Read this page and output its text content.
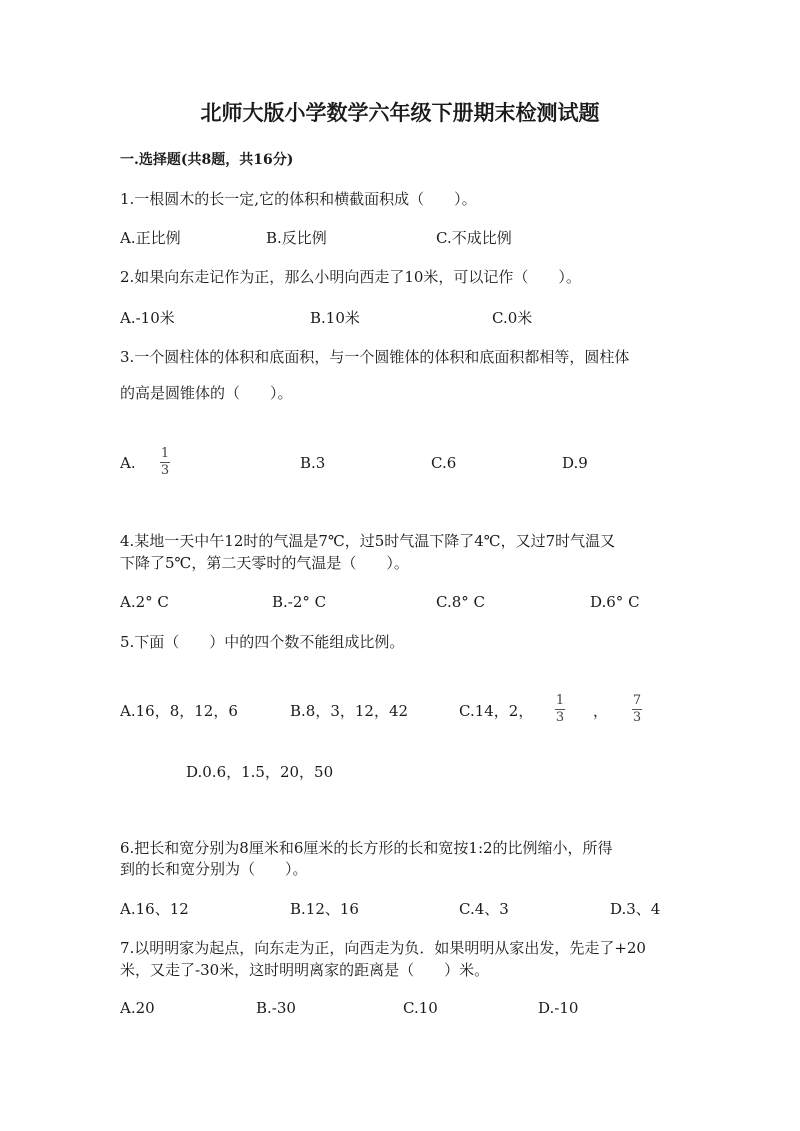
北师大版小学数学六年级下册期末检测试题
一.选择题(共8题，共16分)
1.一根圆木的长一定,它的体积和横截面积成（　　）。
A.正比例	B.反比例	C.不成比例
2.如果向东走记作为正，那么小明向西走了10米，可以记作（　　）。
A.-10米	B.10米	C.0米
3.一个圆柱体的体积和底面积，与一个圆锥体的体积和底面积都相等，圆柱体
的高是圆锥体的（　　）。
A.
1
3	B.3	C.6	D.9
4.某地一天中午12时的气温是7℃，过5时气温下降了4℃，又过7时气温又
下降了5℃，第二天零时的气温是（　　）。
A.2° C	B.-2° C	C.8° C	D.6° C
5.下面（　　）中的四个数不能组成比例。
A.16，8，12，6	B.8，3，12，42	C.14，2，
1
3 ，
7
3
D.0.6，1.5，20，50
6.把长和宽分别为8厘米和6厘米的长方形的长和宽按1:2的比例缩小，所得
到的长和宽分别为（　　）。
A.16、12	B.12、16	C.4、3	D.3、4
7.以明明家为起点，向东走为正，向西走为负．如果明明从家出发，先走了+20
米，又走了-30米，这时明明离家的距离是（　　）米。
A.20	B.-30	C.10	D.-10
